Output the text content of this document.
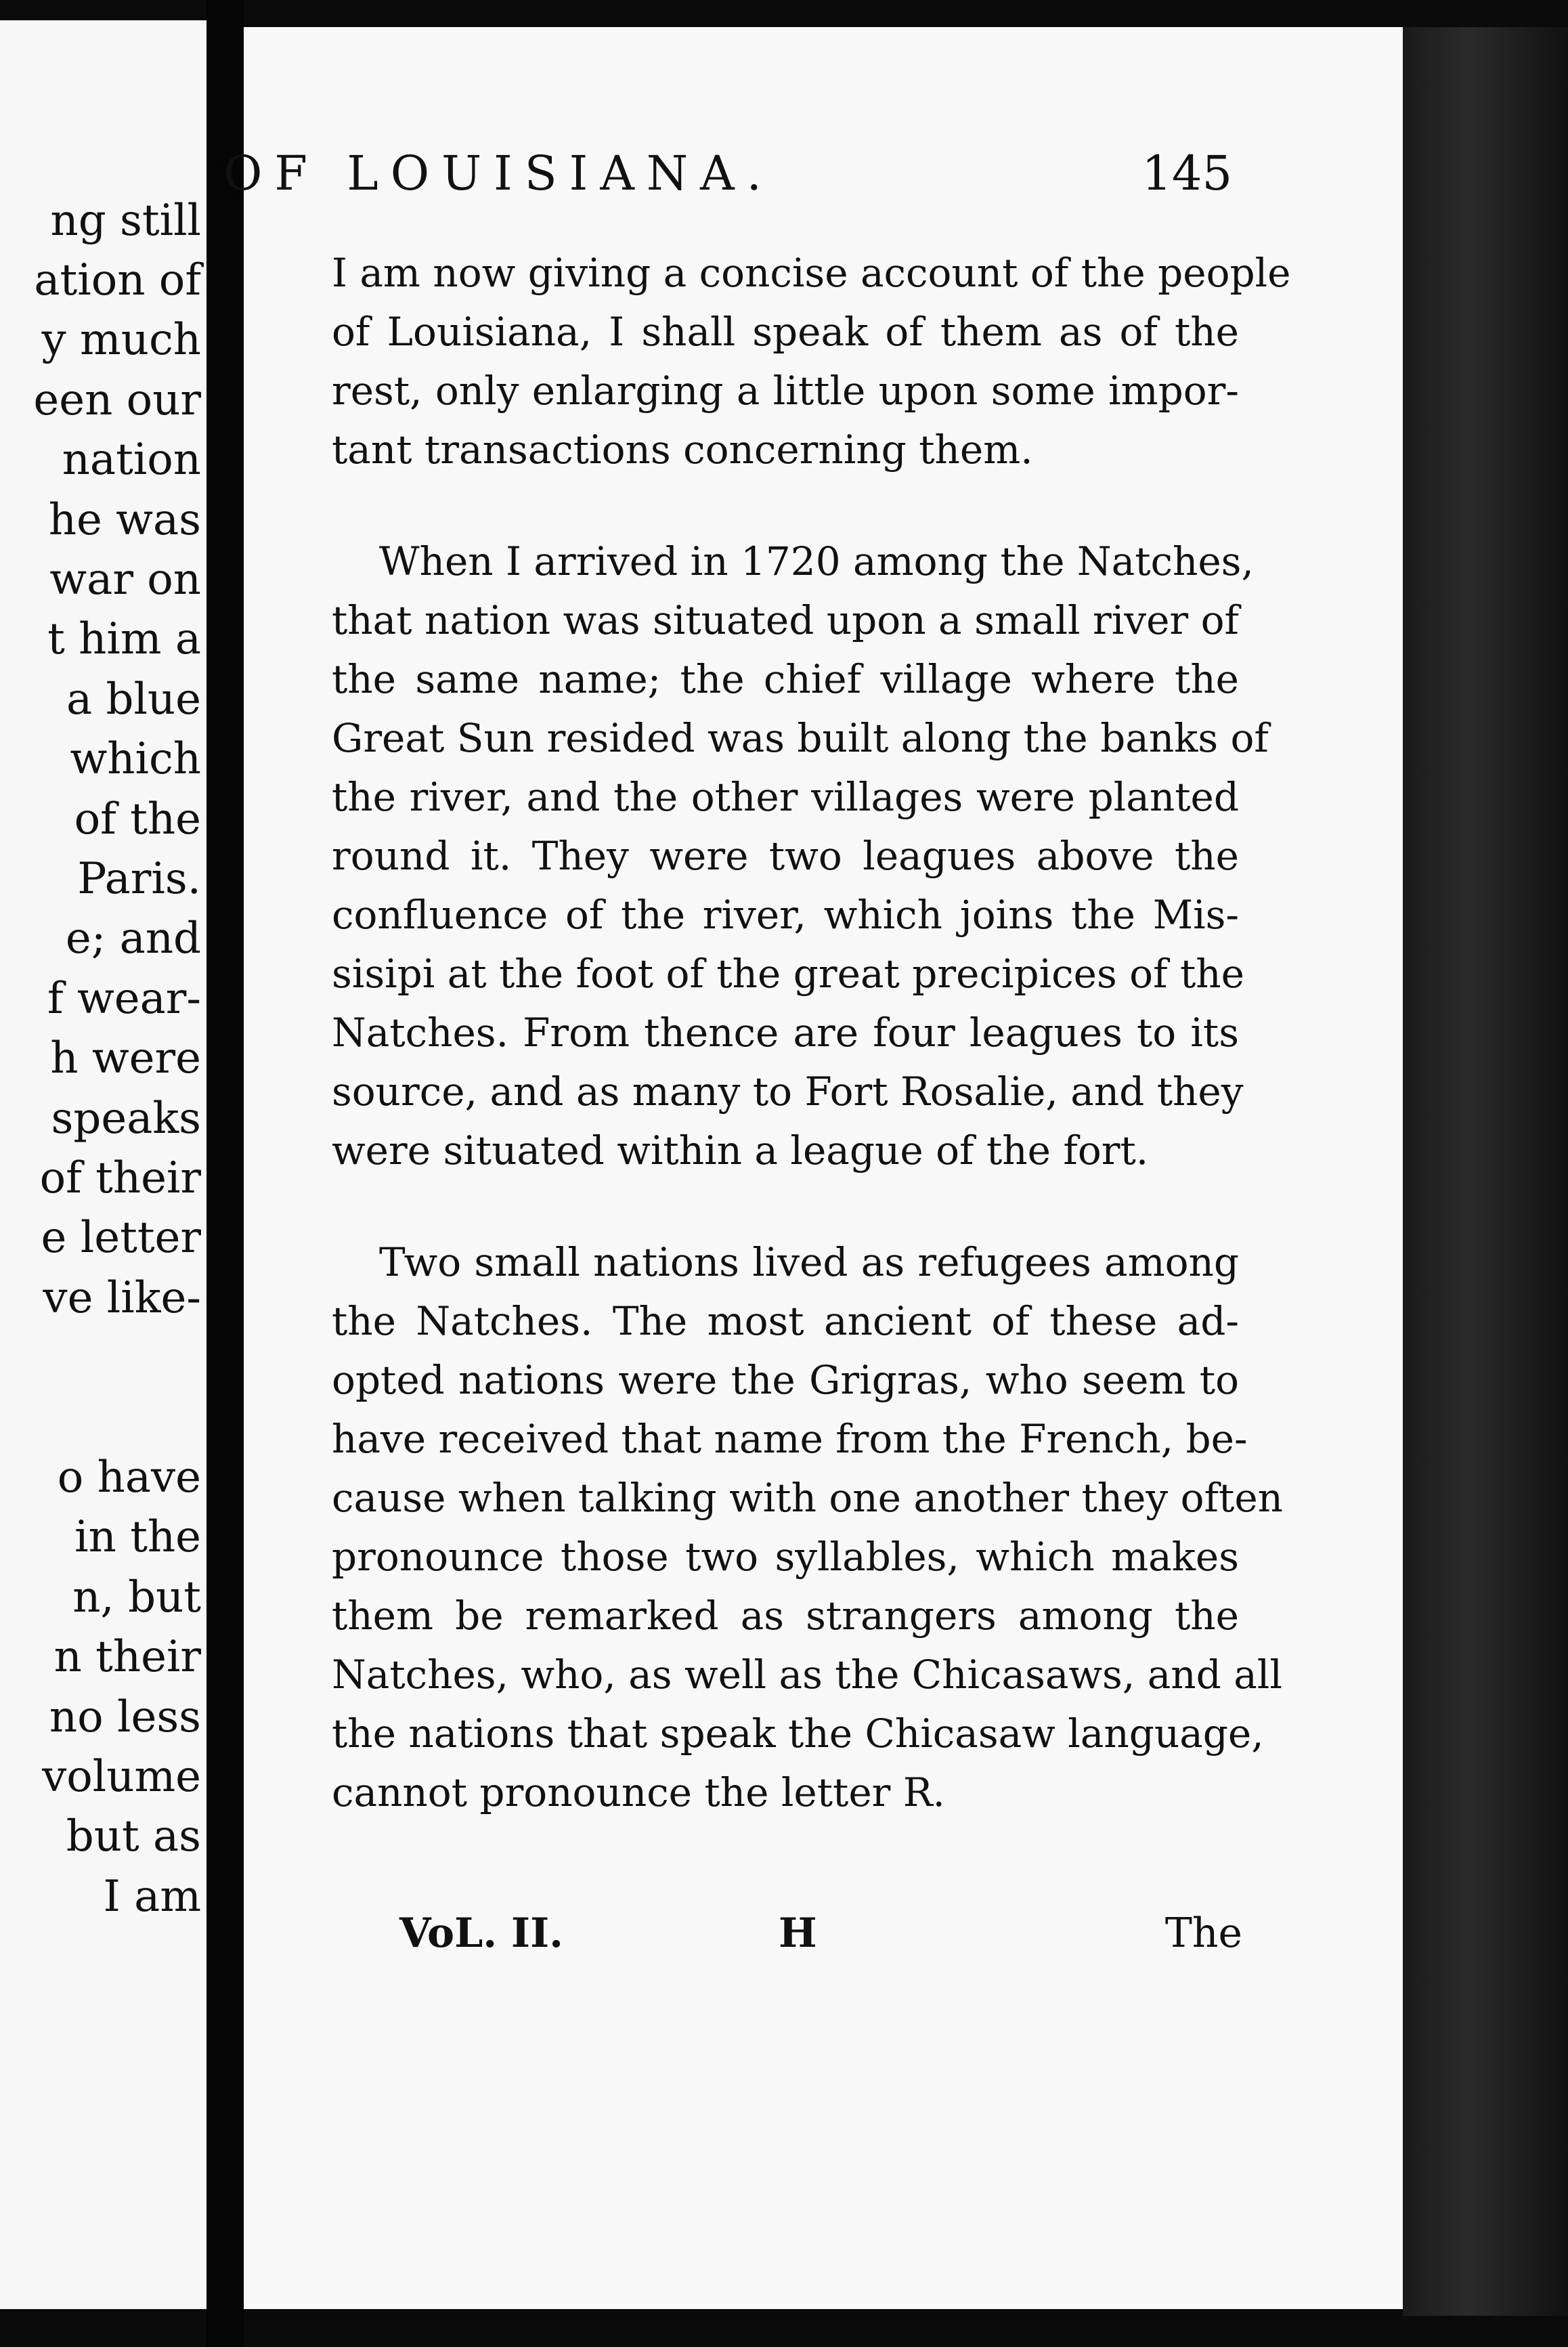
ng still
ation of
y much
een our
nation
he was
war on
t him a
a blue
which
of the
Paris.
e; and
f wear-
h were
speaks
of their
e letter
ve like-
o have
in the
n, but
n their
no less
volume
but as
I am
OF LOUISIANA.	145
I am now giving a concise account of the people
of Louisiana, I shall speak of them as of the
rest, only enlarging a little upon some impor-
tant transactions concerning them.
When I arrived in 1720 among the Natches,
that nation was situated upon a small river of
the same name; the chief village where the
Great Sun resided was built along the banks of
the river, and the other villages were planted
round it. They were two leagues above the
confluence of the river, which joins the Mis-
sisipi at the foot of the great precipices of the
Natches. From thence are four leagues to its
source, and as many to Fort Rosalie, and they
were situated within a league of the fort.
Two small nations lived as refugees among
the Natches. The most ancient of these ad-
opted nations were the Grigras, who seem to
have received that name from the French, be-
cause when talking with one another they often
pronounce those two syllables, which makes
them be remarked as strangers among the
Natches, who, as well as the Chicasaws, and all
the nations that speak the Chicasaw language,
cannot pronounce the letter R.
VoL. II.	H	The
